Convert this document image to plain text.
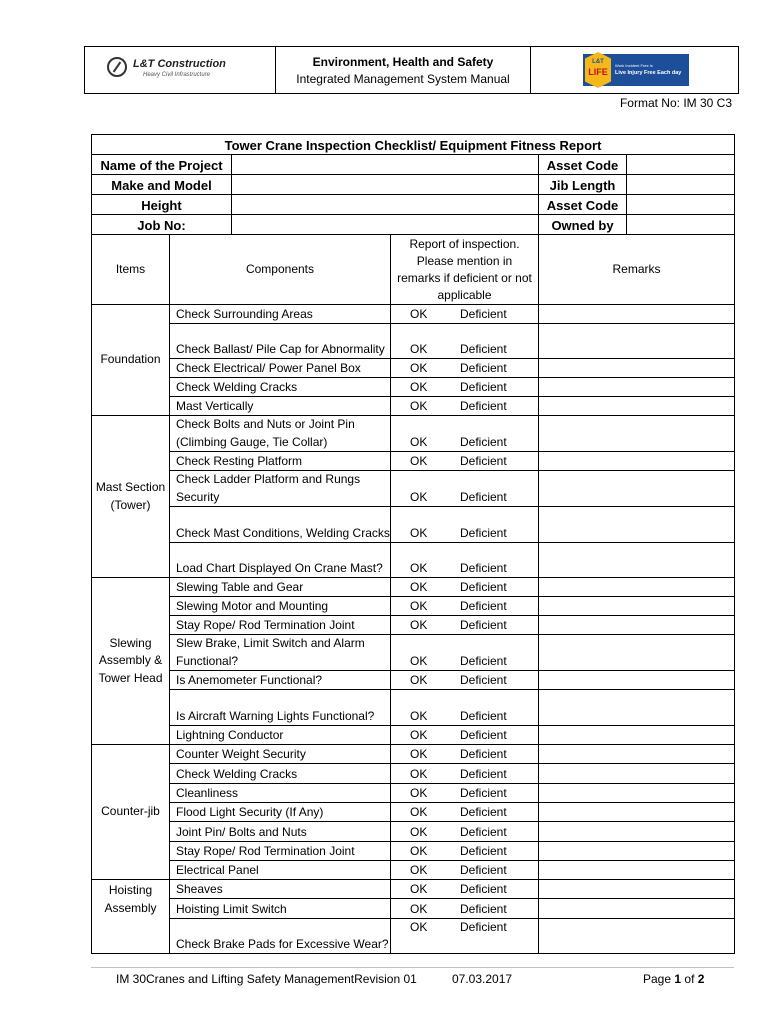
L&T Construction
Heavy Civil Infrastructure
Environment, Health and Safety
Integrated Management System Manual
L&T
LIFE
Work Incident Free is
Live Injury Free Each day
Format No: IM 30 C3
Tower Crane Inspection Checklist/ Equipment Fitness Report					
Name of the Project				Asset Code	
Make and Model				Jib Length	
Height				Asset Code	
Job No:				Owned by	
Items	Components		Report of inspection. Please mention in remarks if deficient or not applicable	Remarks	
Foundation	Check Surrounding Areas		OK Deficient		

	Check Ballast/ Pile Cap for Abnormality		OK Deficient		

	Check Electrical/ Power Panel Box		OK Deficient		

	Check Welding Cracks		OK Deficient		

	Mast Vertically		OK Deficient		

Mast Section (Tower)	Check Bolts and Nuts or Joint Pin (Climbing Gauge, Tie Collar)		OK Deficient		

	Check Resting Platform		OK Deficient		

	Check Ladder Platform and Rungs Security		OK Deficient		

	Check Mast Conditions, Welding Cracks		OK Deficient		

	Load Chart Displayed On Crane Mast?		OK Deficient		

Slewing Assembly & Tower Head	Slewing Table and Gear		OK Deficient		

	Slewing Motor and Mounting		OK Deficient		

	Stay Rope/ Rod Termination Joint		OK Deficient		

	Slew Brake, Limit Switch and Alarm Functional?		OK Deficient		

	Is Anemometer Functional?		OK Deficient		

	Is Aircraft Warning Lights Functional?		OK Deficient		

	Lightning Conductor		OK Deficient		

Counter-jib	Counter Weight Security		OK Deficient		

	Check Welding Cracks		OK Deficient		

	Cleanliness		OK Deficient		

	Flood Light Security (If Any)		OK Deficient		

	Joint Pin/ Bolts and Nuts		OK Deficient		

	Stay Rope/ Rod Termination Joint		OK Deficient		

	Electrical Panel		OK Deficient		

Hoisting Assembly	Sheaves		OK Deficient		

	Hoisting Limit Switch		OK Deficient		

	Check Brake Pads for Excessive Wear?		OK Deficient		

IM 30Cranes and Lifting Safety ManagementRevision 01	07.03.2017	Page 1 of 2
